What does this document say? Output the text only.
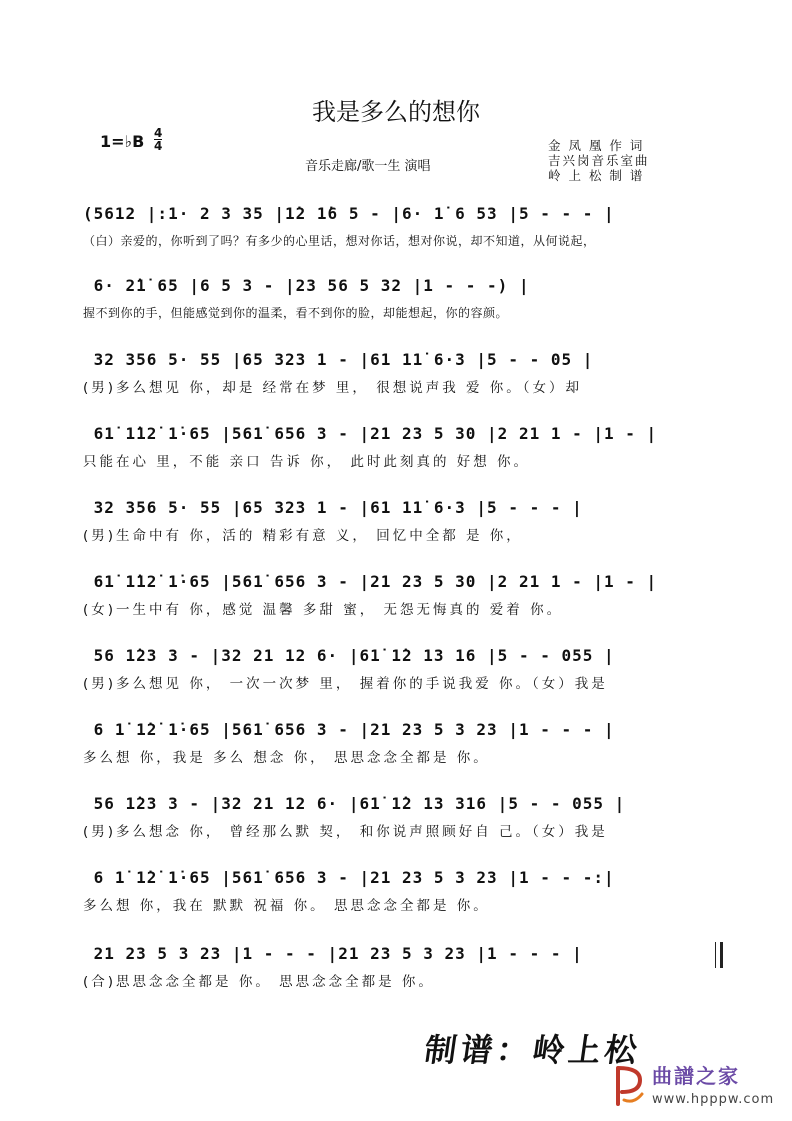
我是多么的想你
1=♭B 4
4
音乐走廊/歌一生 演唱
金 凤 凰 作 词
吉兴岗音乐室曲
岭 上 松 制 谱
(5612 |:1· 2 3 35 |1̇2 1̇6 5 - |6· 1̇ 6 53 |5 - - - |
（白）亲爱的，你听到了吗？有多少的心里话，想对你话，想对你说，却不知道，从何说起，
6· 2̇1̇ 65 |6 5 3 - |23 56 5 32 |1 - - -) |
握不到你的手，但能感觉到你的温柔，看不到你的脸，却能想起，你的容颜。
32 356 5· 55 |65 323 1 - |61 11̇ 6·3 |5 - - 05 |
(男)多么想见 你，却是 经常在梦 里， 很想说声我 爱 你。（女）却
61̇ 1̇12̇ 1̇·65 |561̇ 656 3 - |21 23 5 30 |2 21 1 - |1 - |
只能在心 里，不能 亲口 告诉 你， 此时此刻真的 好想 你。
32 356 5· 55 |65 323 1 - |61 11̇ 6·3 |5 - - - |
(男)生命中有 你，活的 精彩有意 义， 回忆中全都 是 你，
61̇ 1̇12̇ 1̇·65 |561̇ 656 3 - |21 23 5 30 |2 21 1 - |1 - |
(女)一生中有 你，感觉 温馨 多甜 蜜， 无怨无悔真的 爱着 你。
56 1̇23 3 - |32 21 12 6· |61̇ 1̇2 13 16 |5 - - 055 |
(男)多么想见 你， 一次一次梦 里， 握着你的手说我爱 你。（女）我是
6 1̇ 1̇2̇ 1̇·65 |561̇ 656 3 - |21 23 5 3 23 |1 - - - |
多么想 你，我是 多么 想念 你， 思思念念全都是 你。
56 1̇23 3 - |32 21 12 6· |61̇ 1̇2 13 316 |5 - - 055 |
(男)多么想念 你， 曾经那么默 契， 和你说声照顾好自 己。（女）我是
6 1̇ 1̇2̇ 1̇·65 |561̇ 656 3 - |21 23 5 3 23 |1 - - -:|
多么想 你，我在 默默 祝福 你。 思思念念全都是 你。
21 23 5 3 23 |1 - - - |21 23 5 3 23 |1 - - - |
(合)思思念念全都是 你。 思思念念全都是 你。
制谱：岭上松
曲譜之家
www.hpppw.com
